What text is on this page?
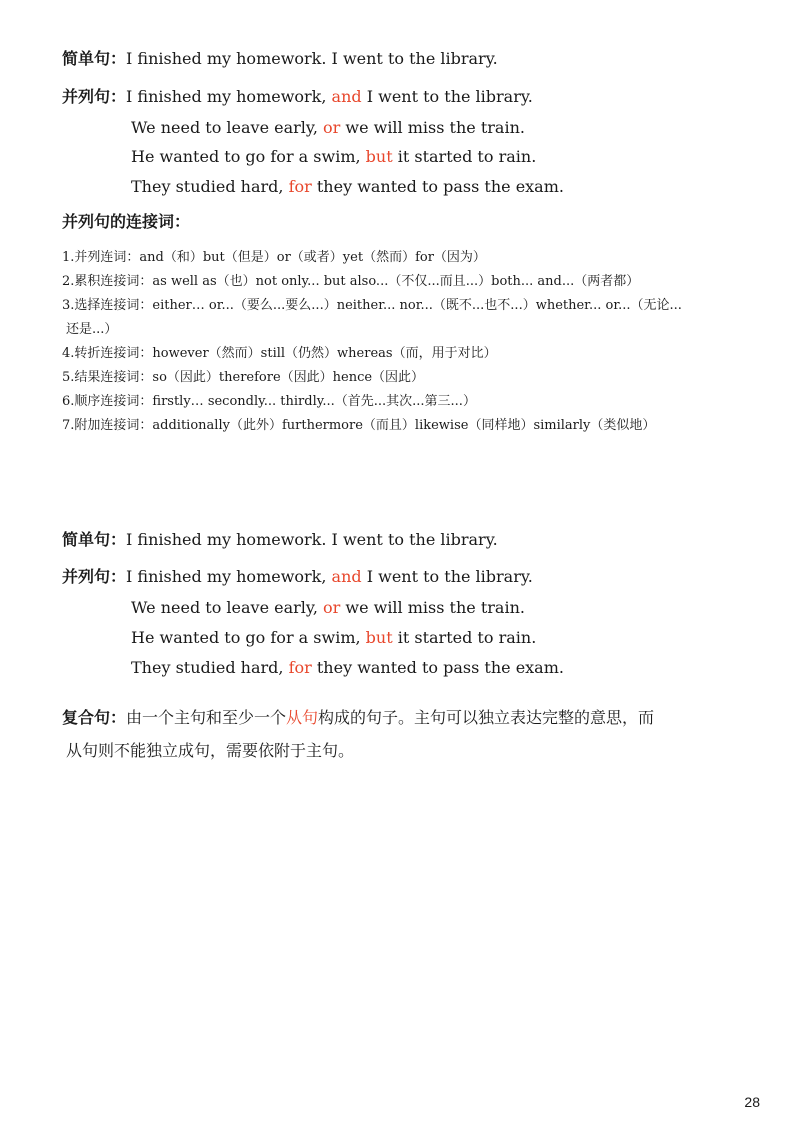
简单句：I finished my homework. I went to the library.
并列句：I finished my homework, and I went to the library.
We need to leave early, or we will miss the train.
He wanted to go for a swim, but it started to rain.
They studied hard, for they wanted to pass the exam.
并列句的连接词：
1.并列连词：and（和）but（但是）or（或者）yet（然而）for（因为）
2.累积连接词：as well as（也）not only... but also...（不仅...而且...）both... and...（两者都）
3.选择连接词：either… or...（要么...要么...）neither... nor...（既不...也不...）whether... or...（无论...
还是...）
4.转折连接词：however（然而）still（仍然）whereas（而，用于对比）
5.结果连接词：so（因此）therefore（因此）hence（因此）
6.顺序连接词：firstly… secondly... thirdly...（首先...其次...第三...）
7.附加连接词：additionally（此外）furthermore（而且）likewise（同样地）similarly（类似地）
简单句：I finished my homework. I went to the library.
并列句：I finished my homework, and I went to the library.
We need to leave early, or we will miss the train.
He wanted to go for a swim, but it started to rain.
They studied hard, for they wanted to pass the exam.
复合句：由一个主句和至少一个从句构成的句子。主句可以独立表达完整的意思，而
从句则不能独立成句，需要依附于主句。
28
